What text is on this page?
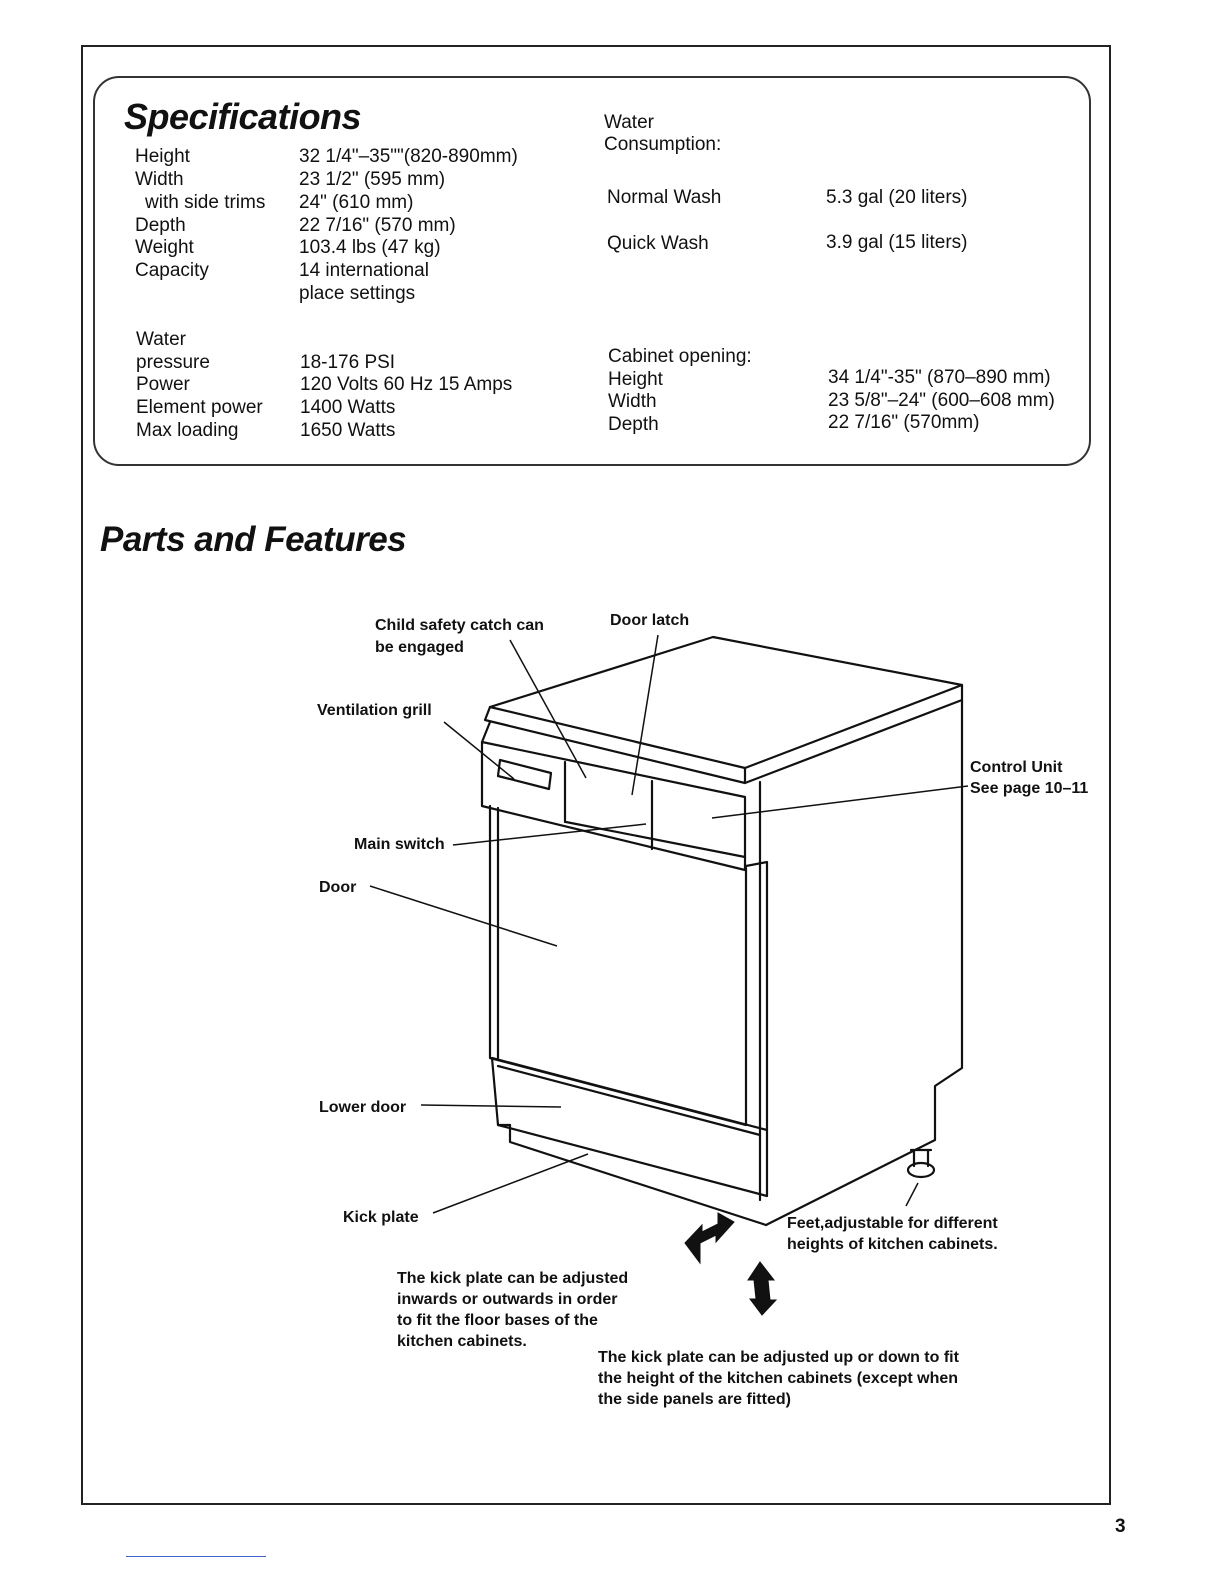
Specifications
Height	32 1/4"–35""(820-890mm)
Width	23 1/2" (595 mm)
with side trims 24" (610 mm)
Depth	22 7/16" (570 mm)
Weight	103.4 lbs (47 kg)
Capacity	14 international
place settings
Water
pressure	18-176 PSI
Power	120 Volts 60 Hz 15 Amps
Element power 1400 Watts
Max loading	1650 Watts
Water
Consumption:
Normal Wash	5.3 gal (20 liters)
Quick Wash	3.9 gal (15 liters)
Cabinet opening:
Height	34 1/4"-35" (870–890 mm)
Width	23 5/8"–24" (600–608 mm)
Depth	22 7/16" (570mm)
Parts and Features
Child safety catch can
be engaged
Door latch
Ventilation grill
Control Unit
See page 10–11
Main switch
Door
Lower door
Kick plate	Feet,adjustable for different
heights of kitchen cabinets.
The kick plate can be adjusted
inwards or outwards in order
to fit the floor bases of the
kitchen cabinets.
The kick plate can be adjusted up or down to fit
the height of the kitchen cabinets (except when
the side panels are fitted)
3
